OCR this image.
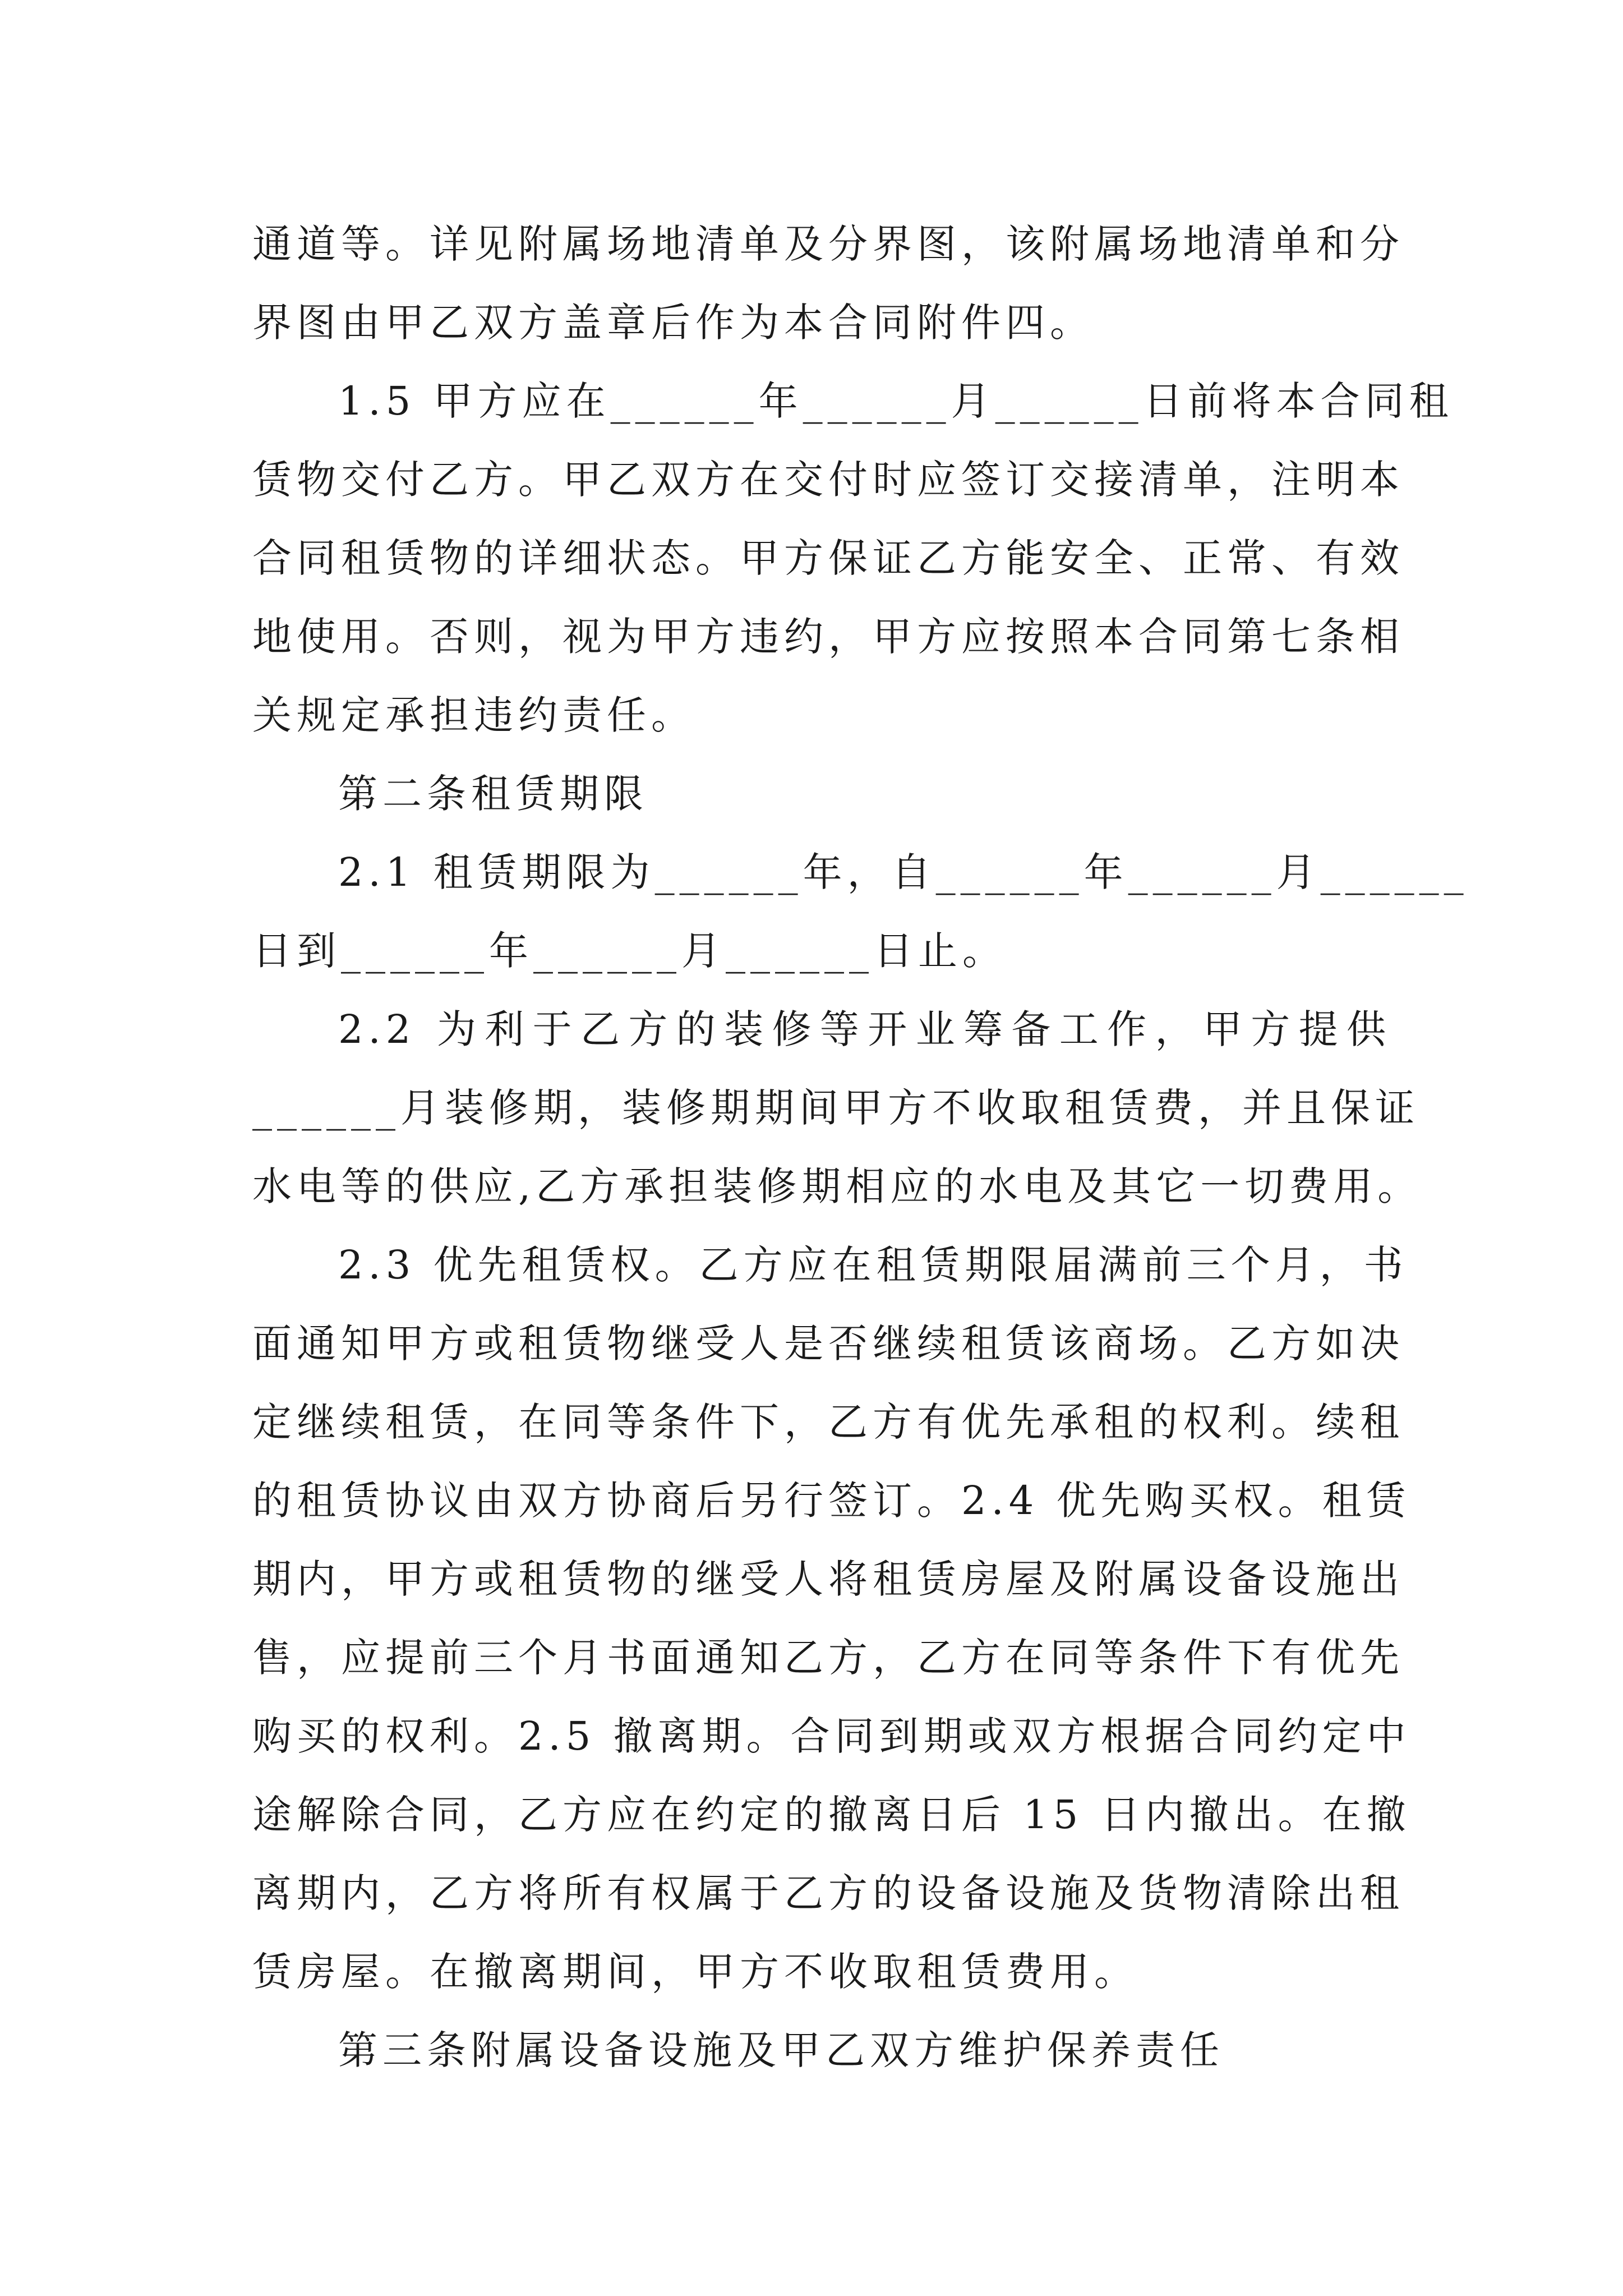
通道等。详见附属场地清单及分界图，该附属场地清单和分
界图由甲乙双方盖章后作为本合同附件四。
1.5 甲方应在______年______月______日前将本合同租
赁物交付乙方。甲乙双方在交付时应签订交接清单，注明本
合同租赁物的详细状态。甲方保证乙方能安全、正常、有效
地使用。否则，视为甲方违约，甲方应按照本合同第七条相
关规定承担违约责任。
第二条租赁期限
2.1 租赁期限为______年，自______年______月______
日到______年______月______日止。
2.2 为利于乙方的装修等开业筹备工作，甲方提供
______月装修期，装修期期间甲方不收取租赁费，并且保证
水电等的供应,乙方承担装修期相应的水电及其它一切费用。
2.3 优先租赁权。乙方应在租赁期限届满前三个月，书
面通知甲方或租赁物继受人是否继续租赁该商场。乙方如决
定继续租赁，在同等条件下，乙方有优先承租的权利。续租
的租赁协议由双方协商后另行签订。2.4 优先购买权。租赁
期内，甲方或租赁物的继受人将租赁房屋及附属设备设施出
售，应提前三个月书面通知乙方，乙方在同等条件下有优先
购买的权利。2.5 撤离期。合同到期或双方根据合同约定中
途解除合同，乙方应在约定的撤离日后 15 日内撤出。在撤
离期内，乙方将所有权属于乙方的设备设施及货物清除出租
赁房屋。在撤离期间，甲方不收取租赁费用。
第三条附属设备设施及甲乙双方维护保养责任
